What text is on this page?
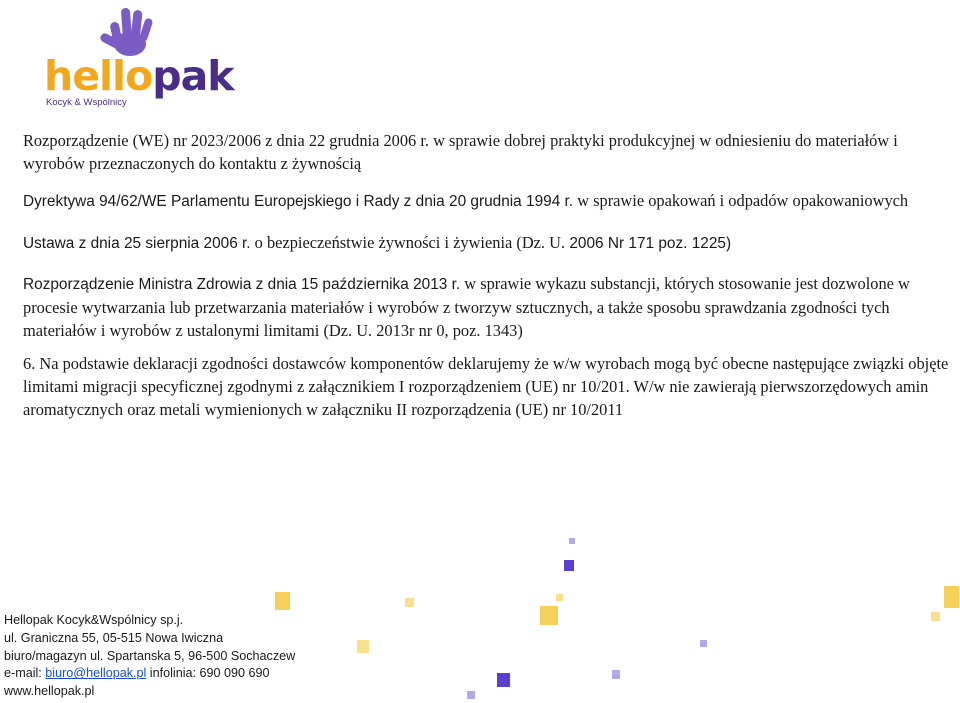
hellopak
Kocyk & Wspólnicy
Rozporządzenie (WE) nr 2023/2006 z dnia 22 grudnia 2006 r. w sprawie dobrej praktyki produkcyjnej w odniesieniu do materiałów i wyrobów przeznaczonych do kontaktu z żywnością
Dyrektywa 94/62/WE Parlamentu Europejskiego i Rady z dnia 20 grudnia 1994 r. w sprawie opakowań i odpadów opakowaniowych
Ustawa z dnia 25 sierpnia 2006 r. o bezpieczeństwie żywności i żywienia (Dz. U. 2006 Nr 171 poz. 1225)
Rozporządzenie Ministra Zdrowia z dnia 15 października 2013 r. w sprawie wykazu substancji, których stosowanie jest dozwolone w procesie wytwarzania lub przetwarzania materiałów i wyrobów z tworzyw sztucznych, a także sposobu sprawdzania zgodności tych materiałów i wyrobów z ustalonymi limitami (Dz. U. 2013r nr 0, poz. 1343)
6. Na podstawie deklaracji zgodności dostawców komponentów deklarujemy że w/w wyrobach mogą być obecne następujące związki objęte limitami migracji specyficznej zgodnymi z załącznikiem I rozporządzeniem (UE) nr 10/201. W/w nie zawierają pierwszorzędowych amin aromatycznych oraz metali wymienionych w załączniku II rozporządzenia (UE) nr 10/2011
Hellopak Kocyk&Wspólnicy sp.j.
ul. Graniczna 55, 05-515 Nowa Iwiczna
biuro/magazyn ul. Spartanska 5, 96-500 Sochaczew
e-mail: biuro@hellopak.pl infolinia: 690 090 690
www.hellopak.pl
